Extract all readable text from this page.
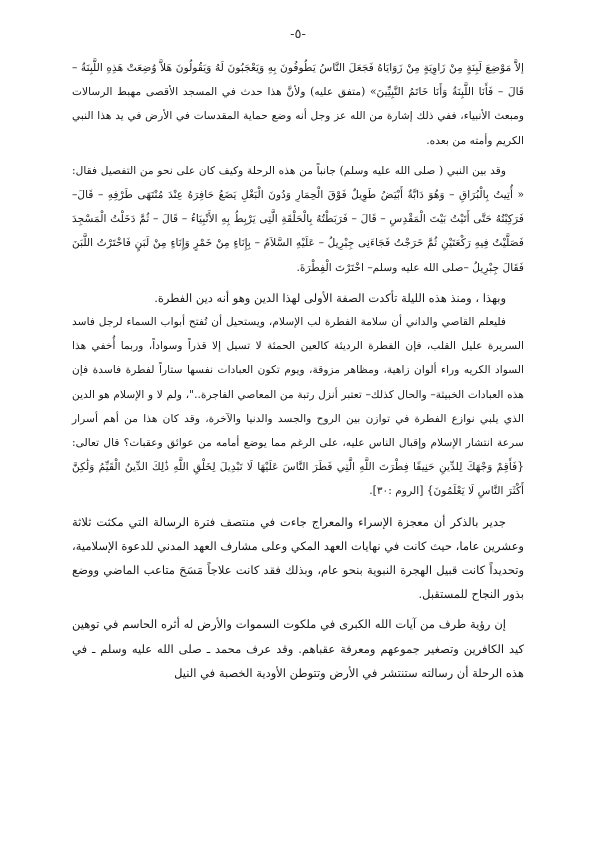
-٥-

إلاَّ مَوْضِعَ لَبِنَةٍ مِنْ زَاوِيَةٍ مِنْ زَوَايَاهُ فَجَعَلَ النَّاسُ يَطُوفُونَ بِهِ وَيَعْجَبُونَ لَهُ وَيَقُولُونَ هَلاَّ وُضِعَتْ هَذِهِ اللَّبِنَةُ – قَالَ – فَأَنَا اللَّبِنَةُ وَأَنَا خَاتَمُ النَّبِيِّينَ» (متفق عليه) ولأنَّ هذا حدث في المسجد الأقصى مهبط الرسالات ومبعث الأنبياء، ففي ذلك إشارة من الله عز وجل أنه وضع حماية المقدسات في الأرض في يد هذا النبي الكريم وأمته من بعده.

وقد بين النبي ( صلى الله عليه وسلم) جانباً من هذه الرحلة وكيف كان على نحو من التفصيل فقال: « أُتِيتُ بِالْبُرَاقِ – وَهُوَ دَابَّةٌ أَبْيَضُ طَوِيلٌ فَوْقَ الْحِمَارِ وَدُونَ الْبَغْلِ يَضَعُ حَافِرَهُ عِنْدَ مُنْتَهَى طَرْفِهِ – قَالَ– فَرَكِبْتُهُ حَتَّى أَتَيْتُ بَيْتَ الْمَقْدِسِ – قَالَ – فَرَبَطْتُهُ بِالْحَلْقَةِ الَّتِى يَرْبِطُ بِهِ الأَنْبِيَاءُ – قَالَ – ثُمَّ دَخَلْتُ الْمَسْجِدَ فَصَلَّيْتُ فِيهِ رَكْعَتَيْنِ ثُمَّ خَرَجْتُ فَجَاءَنِى جِبْرِيلُ – عَلَيْهِ السَّلاَمُ – بِإِنَاءٍ مِنْ خَمْرٍ وَإِنَاءٍ مِنْ لَبَنٍ فَاخْتَرْتُ اللَّبَنَ فَقَالَ جِبْرِيلُ –صلى الله عليه وسلم– اخْتَرْتَ الْفِطْرَةَ.

وبهذا ، ومنذ هذه الليلة تأكدت الصفة الأولى لهذا الدين وهو أنه دين الفطرة.

فليعلم القاصي والداني أن سلامة الفطرة لب الإسلام، ويستحيل أن تُفتح أبواب السماء لرجل فاسد السريرة عليل القلب، فإن الفطرة الرديئة كالعين الحمئة لا تسيل إلا قذراً وسواداً، وربما أُخفي هذا السواد الكريه وراء ألوان زاهية، ومظاهر مزوقة، ويوم تكون العبادات نفسها ستاراً لفطرة فاسدة فإن هذه العبادات الخبيثة– والحال كذلك– تعتبر أنزل رتبة من المعاصي الفاجرة.."، ولم لا و الإسلام هو الدين الذي يلبي نوازع الفطرة في توازن بين الروح والجسد والدنيا والآخرة، وقد كان هذا من أهم أسرار سرعة انتشار الإسلام وإقبال الناس عليه، على الرغم مما يوضع أمامه من عوائق وعقبات؟ قال تعالى: {فَأَقِمْ وَجْهَكَ لِلدِّينِ حَنِيفًا فِطْرَتَ اللَّهِ الَّتِي فَطَرَ النَّاسَ عَلَيْهَا لَا تَبْدِيلَ لِخَلْقِ اللَّهِ ذَٰلِكَ الدِّينُ الْقَيِّمُ وَلَٰكِنَّ أَكْثَرَ النَّاسِ لَا يَعْلَمُونَ} [الروم :٣٠].

جدير بالذكر أن معجزة الإسراء والمعراج جاءت في منتصف فترة الرسالة التي مكثت ثلاثة وعشرين عاما، حيث كانت في نهايات العهد المكي وعلى مشارف العهد المدني للدعوة الإسلامية، وتحديداً كانت قبيل الهجرة النبوية بنحو عام، وبذلك فقد كانت علاجاً مَسَحَ متاعب الماضي ووضع بذور النجاح للمستقبل.

إن رؤية طرف من آيات الله الكبرى في ملكوت السموات والأرض له أثره الحاسم في توهين كيد الكافرين وتصغير جموعهم ومعرفة عقباهم. وقد عرف محمد ـ صلى الله عليه وسلم ـ في هذه الرحلة أن رسالته ستنتشر في الأرض وتتوطن الأودية الخصبة في النيل
